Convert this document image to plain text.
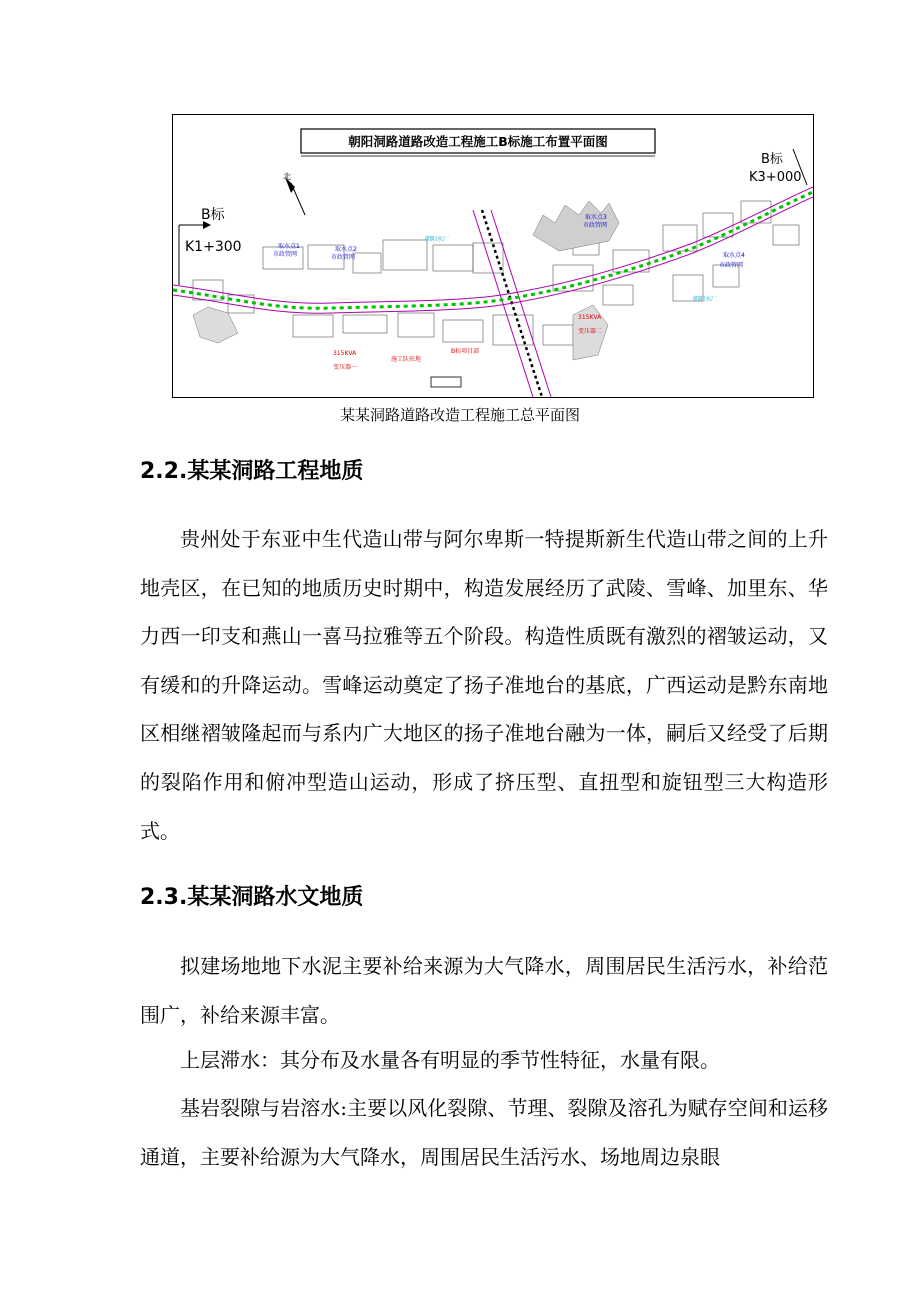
朝阳洞路道路改造工程施工B标施工布置平面图
B标
K1+300
B标
K3+000
北
取水点1
市政管网
取水点2
市政管网
取水点3
市政管网
取水点4
市政管网
朝阳水厂
朝阳水厂
315KVA
315KVA
施工队驻地
B标项目部
变压器一
变压器二
某某洞路道路改造工程施工总平面图
2.2.某某洞路工程地质

贵州处于东亚中生代造山带与阿尔卑斯一特提斯新生代造山带之间的上升地壳区，在已知的地质历史时期中，构造发展经历了武陵、雪峰、加里东、华力西一印支和燕山一喜马拉雅等五个阶段。构造性质既有激烈的褶皱运动，又有缓和的升降运动。雪峰运动奠定了扬子准地台的基底，广西运动是黔东南地区相继褶皱隆起而与系内广大地区的扬子准地台融为一体，嗣后又经受了后期的裂陷作用和俯冲型造山运动，形成了挤压型、直扭型和旋钮型三大构造形式。

2.3.某某洞路水文地质

拟建场地地下水泥主要补给来源为大气降水，周围居民生活污水，补给范围广，补给来源丰富。

上层滞水：其分布及水量各有明显的季节性特征，水量有限。

基岩裂隙与岩溶水:主要以风化裂隙、节理、裂隙及溶孔为赋存空间和运移通道，主要补给源为大气降水，周围居民生活污水、场地周边泉眼
